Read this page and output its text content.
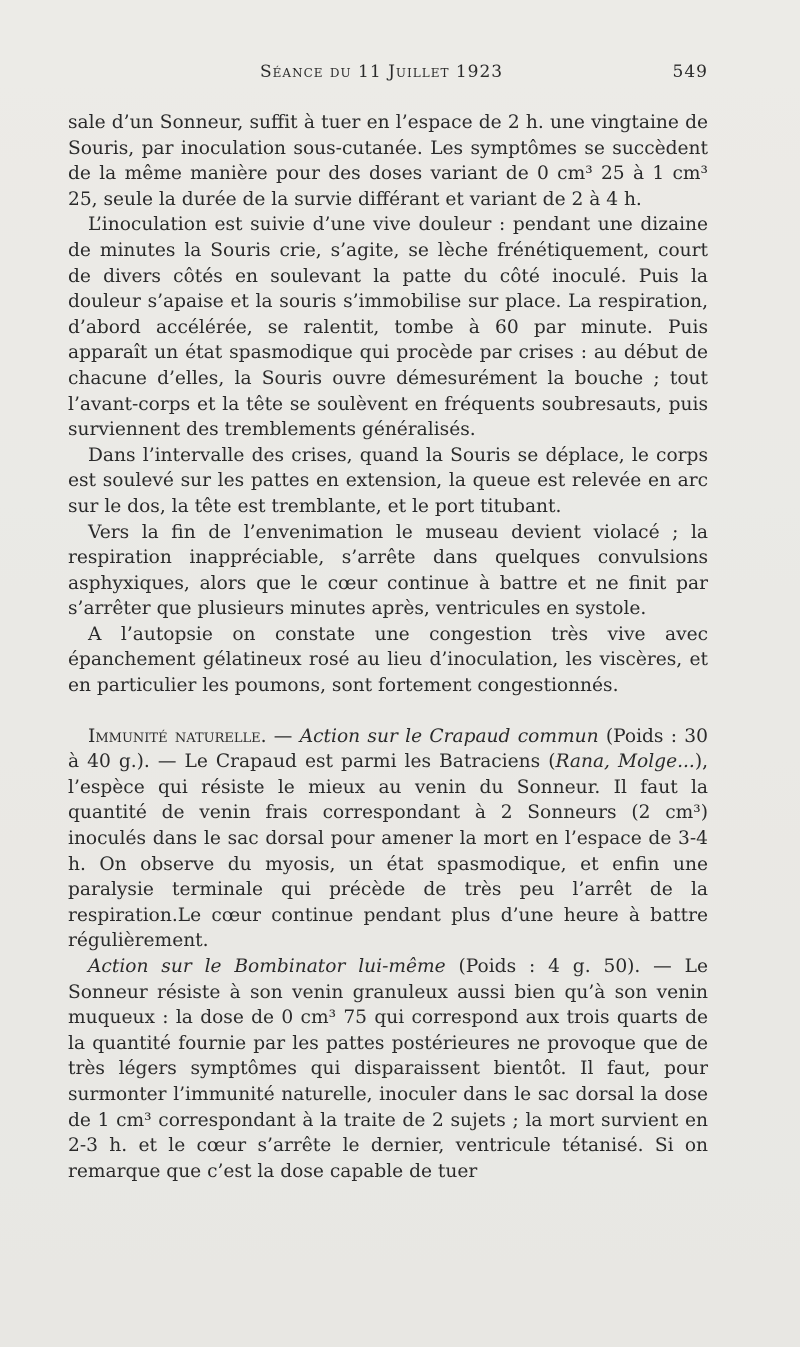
Séance du 11 Juillet 1923	549

sale d’un Sonneur, suffit à tuer en l’espace de 2 h. une vingtaine de Souris, par inoculation sous-cutanée. Les symptômes se succèdent de la même manière pour des doses variant de 0 cm³ 25 à 1 cm³ 25, seule la durée de la survie différant et variant de 2 à 4 h.

L’inoculation est suivie d’une vive douleur : pendant une dizaine de minutes la Souris crie, s’agite, se lèche frénétiquement, court de divers côtés en soulevant la patte du côté inoculé. Puis la douleur s’apaise et la souris s’immobilise sur place. La respiration, d’abord accélérée, se ralentit, tombe à 60 par minute. Puis apparaît un état spasmodique qui procède par crises : au début de chacune d’elles, la Souris ouvre démesurément la bouche ; tout l’avant-corps et la tête se soulèvent en fréquents soubresauts, puis surviennent des tremblements généralisés.

Dans l’intervalle des crises, quand la Souris se déplace, le corps est soulevé sur les pattes en extension, la queue est relevée en arc sur le dos, la tête est tremblante, et le port titubant.

Vers la fin de l’envenimation le museau devient violacé ; la respiration inappréciable, s’arrête dans quelques convulsions asphyxiques, alors que le cœur continue à battre et ne finit par s’arrêter que plusieurs minutes après, ventricules en systole.

A l’autopsie on constate une congestion très vive avec épanchement gélatineux rosé au lieu d’inoculation, les viscères, et en particulier les poumons, sont fortement congestionnés.

Immunité naturelle. — Action sur le Crapaud commun (Poids : 30 à 40 g.). — Le Crapaud est parmi les Batraciens (Rana, Molge...), l’espèce qui résiste le mieux au venin du Sonneur. Il faut la quantité de venin frais correspondant à 2 Sonneurs (2 cm³) inoculés dans le sac dorsal pour amener la mort en l’espace de 3-4 h. On observe du myosis, un état spasmodique, et enfin une paralysie terminale qui précède de très peu l’arrêt de la respiration.Le cœur continue pendant plus d’une heure à battre régulièrement.

Action sur le Bombinator lui-même (Poids : 4 g. 50). — Le Sonneur résiste à son venin granuleux aussi bien qu’à son venin muqueux : la dose de 0 cm³ 75 qui correspond aux trois quarts de la quantité fournie par les pattes postérieures ne provoque que de très légers symptômes qui disparaissent bientôt. Il faut, pour surmonter l’immunité naturelle, inoculer dans le sac dorsal la dose de 1 cm³ correspondant à la traite de 2 sujets ; la mort survient en 2-3 h. et le cœur s’arrête le dernier, ventricule tétanisé. Si on remarque que c’est la dose capable de tuer
